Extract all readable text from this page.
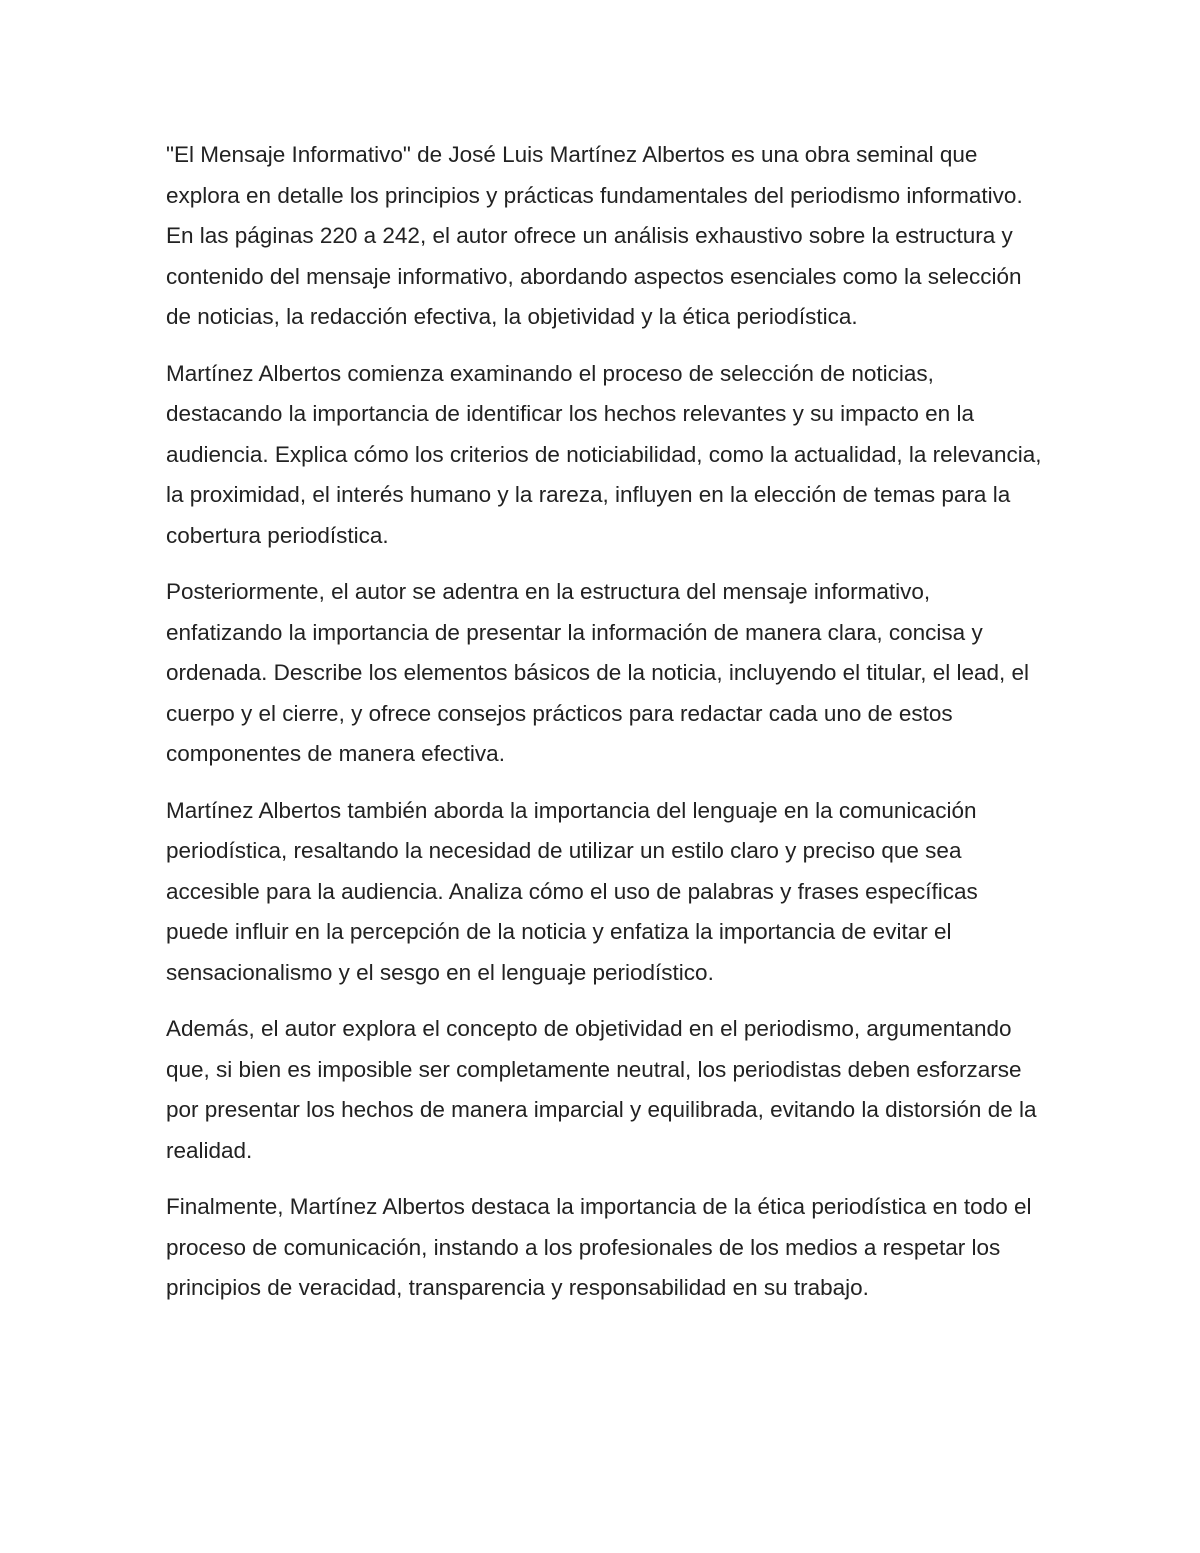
"El Mensaje Informativo" de José Luis Martínez Albertos es una obra seminal que explora en detalle los principios y prácticas fundamentales del periodismo informativo. En las páginas 220 a 242, el autor ofrece un análisis exhaustivo sobre la estructura y contenido del mensaje informativo, abordando aspectos esenciales como la selección de noticias, la redacción efectiva, la objetividad y la ética periodística.

Martínez Albertos comienza examinando el proceso de selección de noticias, destacando la importancia de identificar los hechos relevantes y su impacto en la audiencia. Explica cómo los criterios de noticiabilidad, como la actualidad, la relevancia, la proximidad, el interés humano y la rareza, influyen en la elección de temas para la cobertura periodística.

Posteriormente, el autor se adentra en la estructura del mensaje informativo, enfatizando la importancia de presentar la información de manera clara, concisa y ordenada. Describe los elementos básicos de la noticia, incluyendo el titular, el lead, el cuerpo y el cierre, y ofrece consejos prácticos para redactar cada uno de estos componentes de manera efectiva.

Martínez Albertos también aborda la importancia del lenguaje en la comunicación periodística, resaltando la necesidad de utilizar un estilo claro y preciso que sea accesible para la audiencia. Analiza cómo el uso de palabras y frases específicas puede influir en la percepción de la noticia y enfatiza la importancia de evitar el sensacionalismo y el sesgo en el lenguaje periodístico.

Además, el autor explora el concepto de objetividad en el periodismo, argumentando que, si bien es imposible ser completamente neutral, los periodistas deben esforzarse por presentar los hechos de manera imparcial y equilibrada, evitando la distorsión de la realidad.

Finalmente, Martínez Albertos destaca la importancia de la ética periodística en todo el proceso de comunicación, instando a los profesionales de los medios a respetar los principios de veracidad, transparencia y responsabilidad en su trabajo.
